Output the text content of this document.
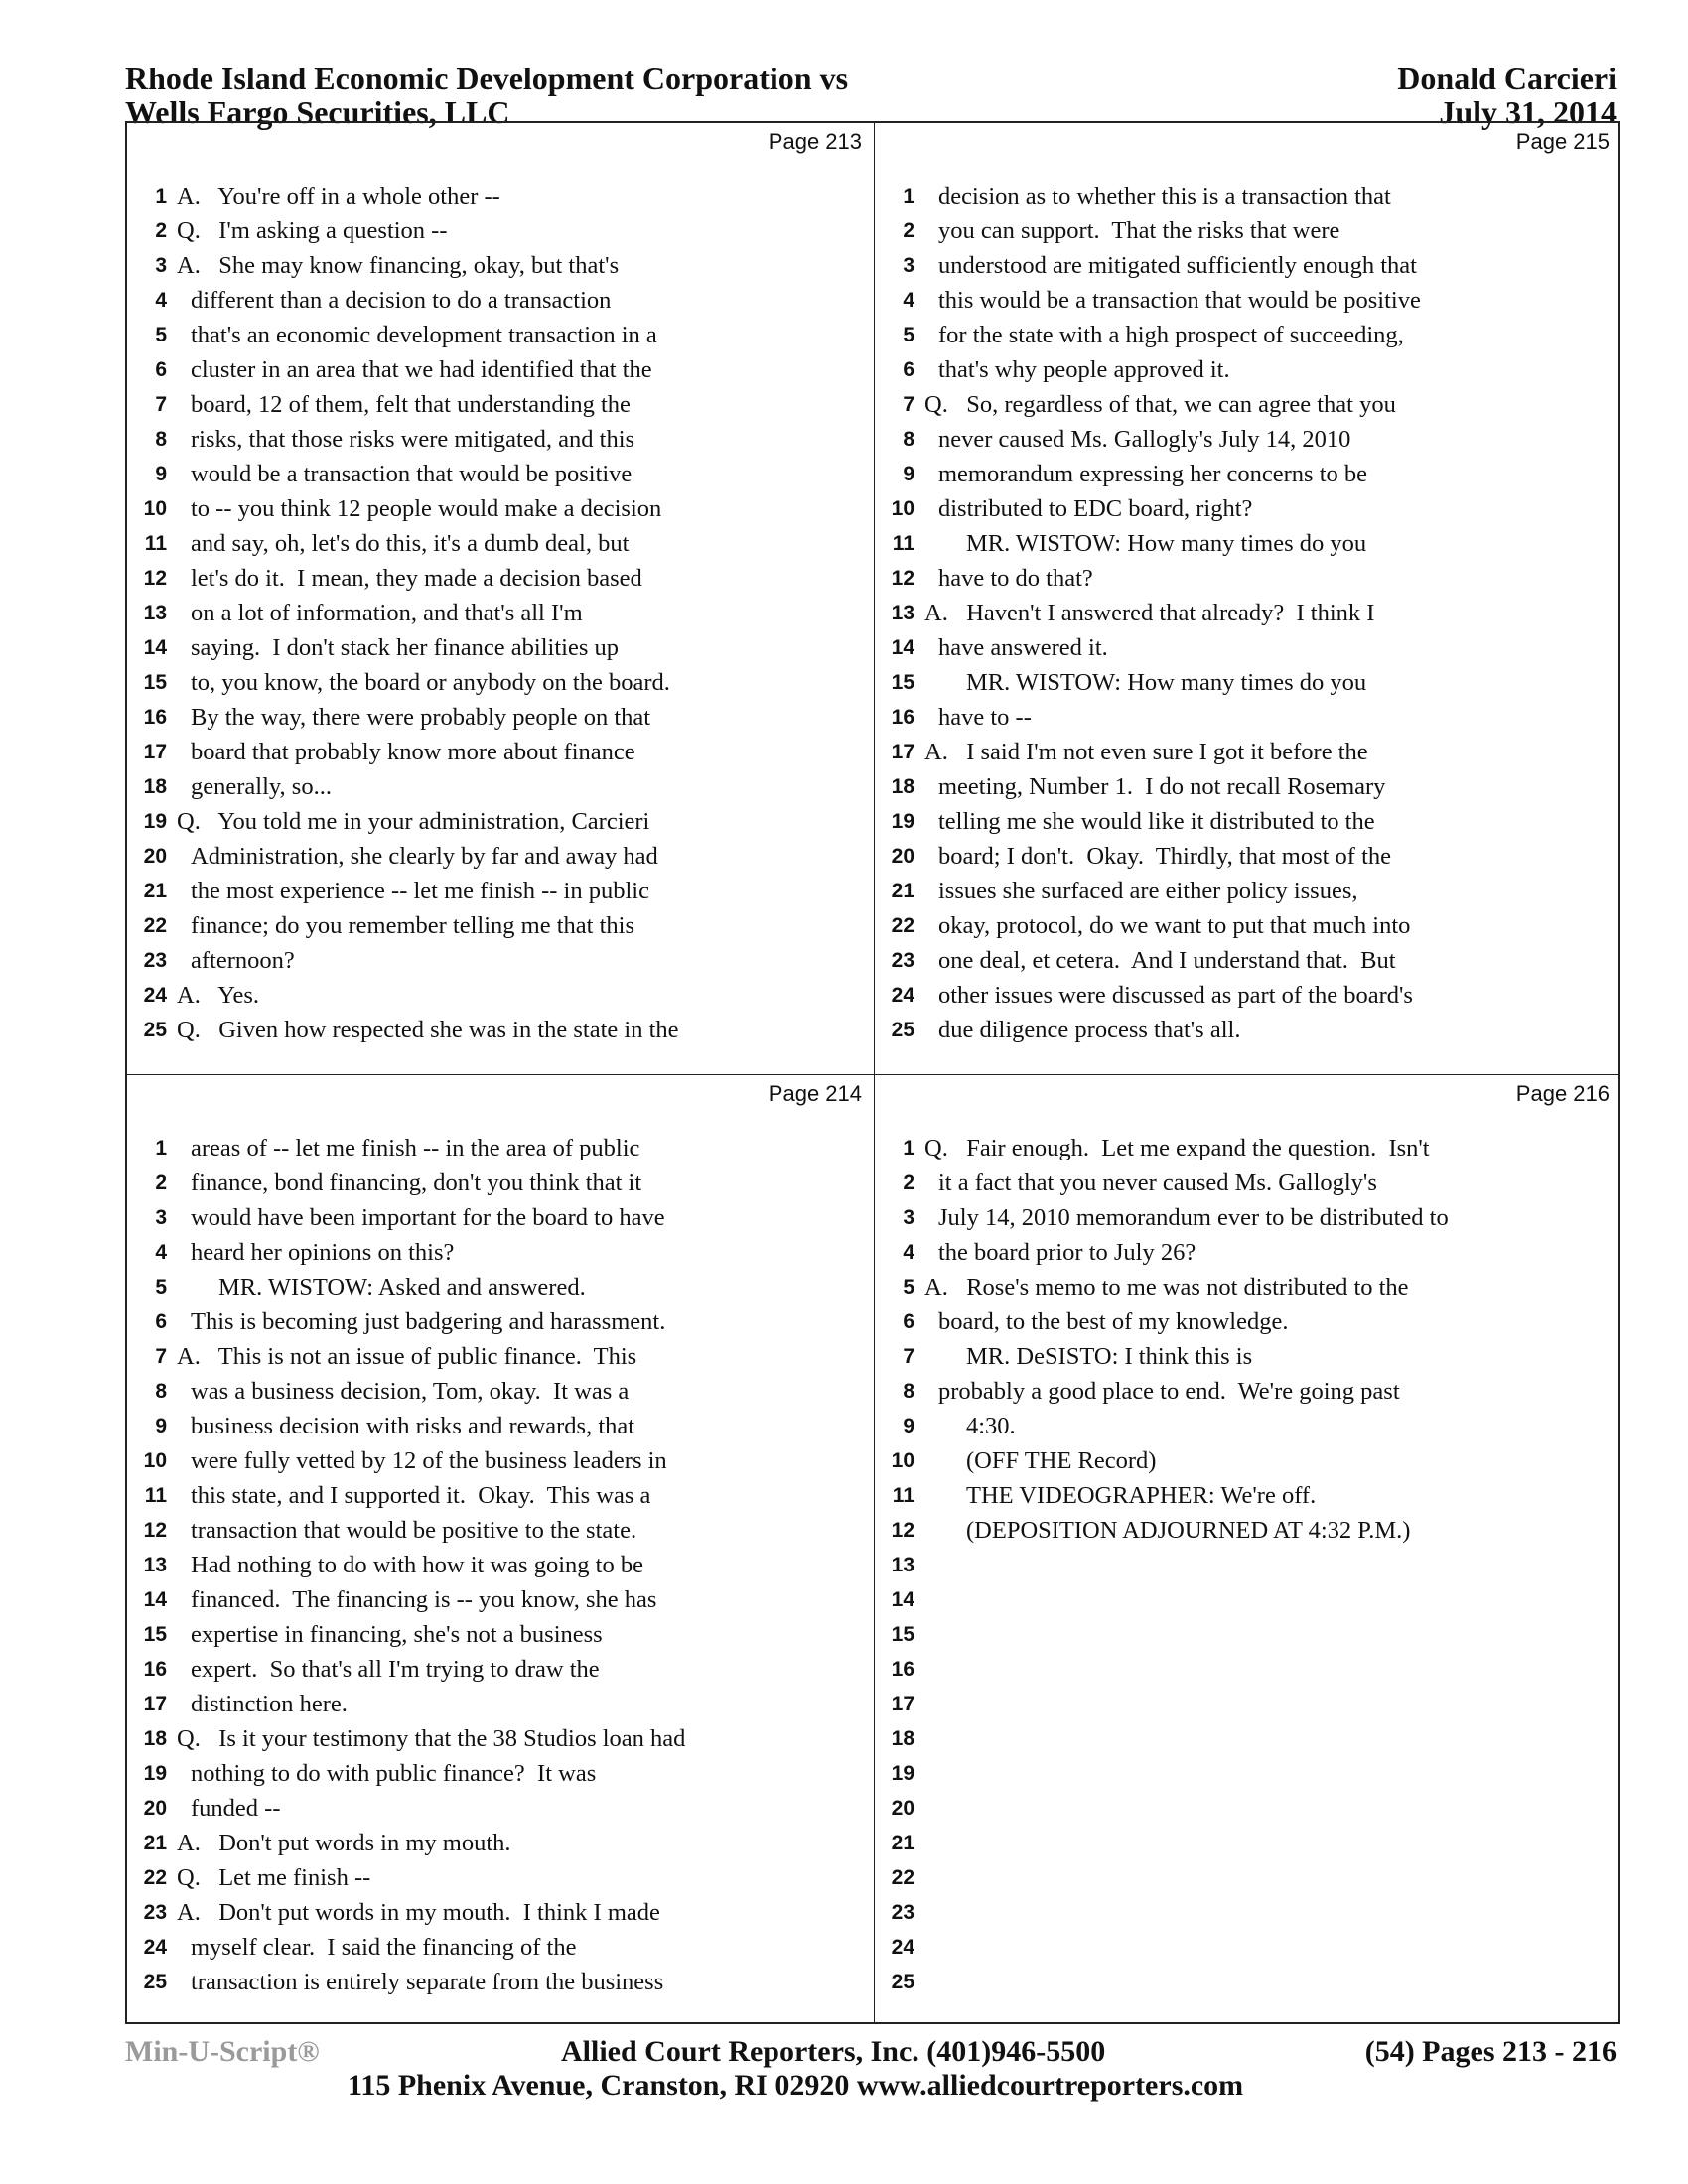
Rhode Island Economic Development Corporation vs
Wells Fargo Securities, LLC
Donald Carcieri
July 31, 2014
Page 213
1 A.   You're off in a whole other --
2 Q.   I'm asking a question --
3 A.   She may know financing, okay, but that's
4 different than a decision to do a transaction
5 that's an economic development transaction in a
6 cluster in an area that we had identified that the
7 board, 12 of them, felt that understanding the
8 risks, that those risks were mitigated, and this
9 would be a transaction that would be positive
10 to -- you think 12 people would make a decision
11 and say, oh, let's do this, it's a dumb deal, but
12 let's do it.  I mean, they made a decision based
13 on a lot of information, and that's all I'm
14 saying.  I don't stack her finance abilities up
15 to, you know, the board or anybody on the board.
16 By the way, there were probably people on that
17 board that probably know more about finance
18 generally, so...
19 Q.   You told me in your administration, Carcieri
20 Administration, she clearly by far and away had
21 the most experience -- let me finish -- in public
22 finance; do you remember telling me that this
23 afternoon?
24 A.   Yes.
25 Q.   Given how respected she was in the state in the
Page 215
1 decision as to whether this is a transaction that
2 you can support.  That the risks that were
3 understood are mitigated sufficiently enough that
4 this would be a transaction that would be positive
5 for the state with a high prospect of succeeding,
6 that's why people approved it.
7 Q.   So, regardless of that, we can agree that you
8 never caused Ms. Gallogly's July 14, 2010
9 memorandum expressing her concerns to be
10 distributed to EDC board, right?
11 MR. WISTOW: How many times do you
12 have to do that?
13 A.   Haven't I answered that already?  I think I
14 have answered it.
15 MR. WISTOW: How many times do you
16 have to --
17 A.   I said I'm not even sure I got it before the
18 meeting, Number 1.  I do not recall Rosemary
19 telling me she would like it distributed to the
20 board; I don't.  Okay.  Thirdly, that most of the
21 issues she surfaced are either policy issues,
22 okay, protocol, do we want to put that much into
23 one deal, et cetera.  And I understand that.  But
24 other issues were discussed as part of the board's
25 due diligence process that's all.
Page 214
1 areas of -- let me finish -- in the area of public
2 finance, bond financing, don't you think that it
3 would have been important for the board to have
4 heard her opinions on this?
5 MR. WISTOW: Asked and answered.
6 This is becoming just badgering and harassment.
7 A.   This is not an issue of public finance.  This
8 was a business decision, Tom, okay.  It was a
9 business decision with risks and rewards, that
10 were fully vetted by 12 of the business leaders in
11 this state, and I supported it.  Okay.  This was a
12 transaction that would be positive to the state.
13 Had nothing to do with how it was going to be
14 financed.  The financing is -- you know, she has
15 expertise in financing, she's not a business
16 expert.  So that's all I'm trying to draw the
17 distinction here.
18 Q.   Is it your testimony that the 38 Studios loan had
19 nothing to do with public finance?  It was
20 funded --
21 A.   Don't put words in my mouth.
22 Q.   Let me finish --
23 A.   Don't put words in my mouth.  I think I made
24 myself clear.  I said the financing of the
25 transaction is entirely separate from the business
Page 216
1 Q.   Fair enough.  Let me expand the question.  Isn't
2 it a fact that you never caused Ms. Gallogly's
3 July 14, 2010 memorandum ever to be distributed to
4 the board prior to July 26?
5 A.   Rose's memo to me was not distributed to the
6 board, to the best of my knowledge.
7 MR. DeSISTO: I think this is
8 probably a good place to end.  We're going past
9 4:30.
10 (OFF THE Record)
11 THE VIDEOGRAPHER: We're off.
12 (DEPOSITION ADJOURNED AT 4:32 P.M.)
13
14
15
16
17
18
19
20
21
22
23
24
25
Min-U-Script®	Allied Court Reporters, Inc. (401)946-5500	(54) Pages 213 - 216
115 Phenix Avenue, Cranston, RI 02920 www.alliedcourtreporters.com
